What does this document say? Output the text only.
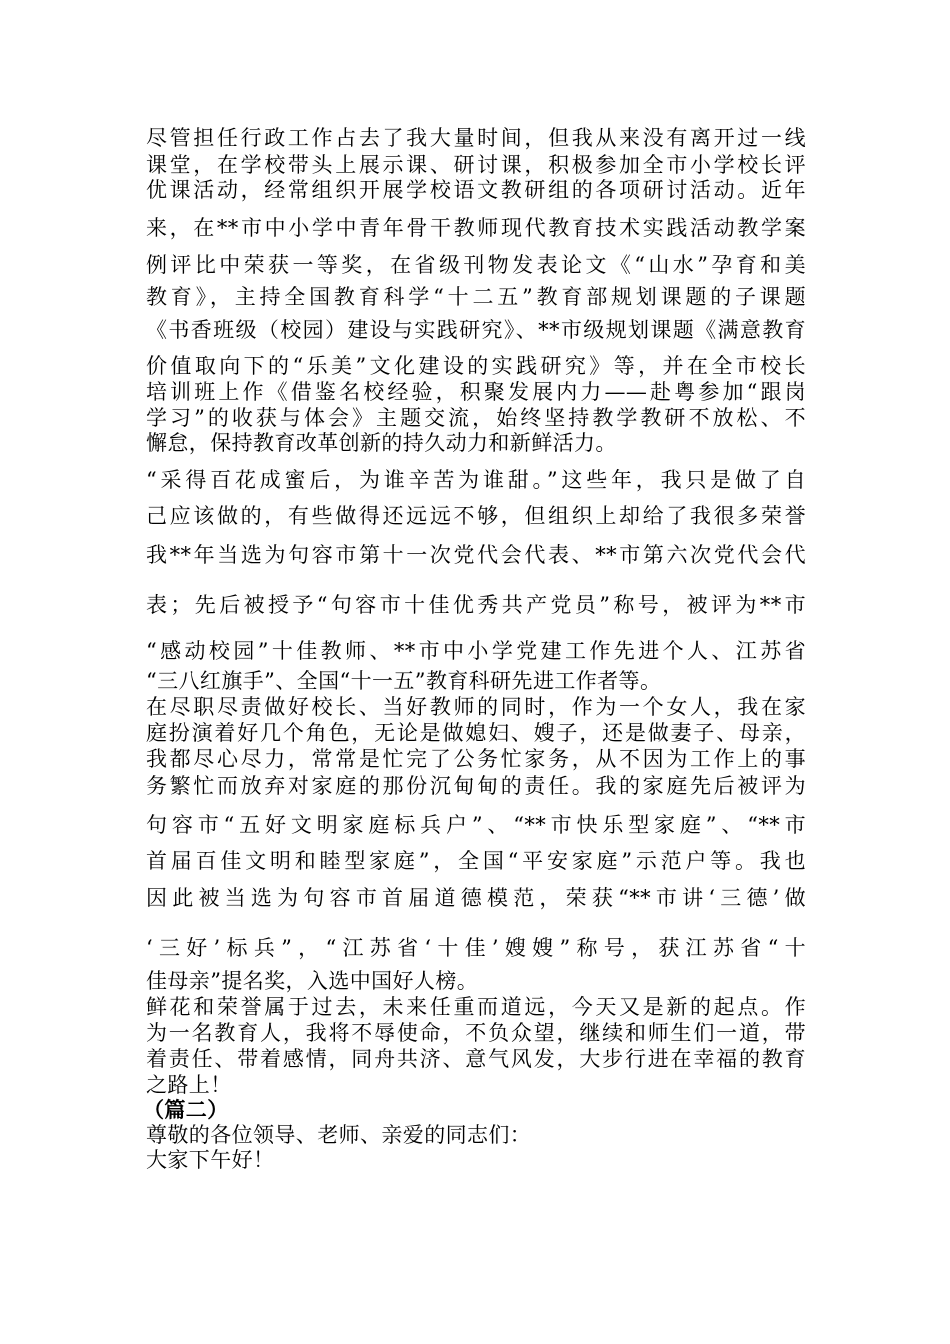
尽管担任行政工作占去了我大量时间，但我从来没有离开过一线
课堂，在学校带头上展示课、研讨课，积极参加全市小学校长评
优课活动，经常组织开展学校语文教研组的各项研讨活动。近年
来，在**市中小学中青年骨干教师现代教育技术实践活动教学案
例评比中荣获一等奖，在省级刊物发表论文《“山水”孕育和美
教育》，主持全国教育科学“十二五”教育部规划课题的子课题
《书香班级（校园）建设与实践研究》、**市级规划课题《满意教育
价值取向下的“乐美”文化建设的实践研究》等，并在全市校长
培训班上作《借鉴名校经验，积聚发展内力——赴粤参加“跟岗
学习”的收获与体会》主题交流，始终坚持教学教研不放松、不
懈怠，保持教育改革创新的持久动力和新鲜活力。
“采得百花成蜜后，为谁辛苦为谁甜。”这些年，我只是做了自
己应该做的，有些做得还远远不够，但组织上却给了我很多荣誉
我**年当选为句容市第十一次党代会代表、**市第六次党代会代
表；先后被授予“句容市十佳优秀共产党员”称号，被评为**市
“感动校园”十佳教师、**市中小学党建工作先进个人、江苏省
“三八红旗手”、全国“十一五”教育科研先进工作者等。
在尽职尽责做好校长、当好教师的同时，作为一个女人，我在家
庭扮演着好几个角色，无论是做媳妇、嫂子，还是做妻子、母亲，
我都尽心尽力，常常是忙完了公务忙家务，从不因为工作上的事
务繁忙而放弃对家庭的那份沉甸甸的责任。我的家庭先后被评为
句容市“五好文明家庭标兵户”、“**市快乐型家庭”、“**市
首届百佳文明和睦型家庭”，全国“平安家庭”示范户等。我也
因此被当选为句容市首届道德模范，荣获“**市讲‘三德’做
‘三好’标兵”，“江苏省‘十佳’嫂嫂”称号，获江苏省“十
佳母亲”提名奖，入选中国好人榜。
鲜花和荣誉属于过去，未来任重而道远，今天又是新的起点。作
为一名教育人，我将不辱使命，不负众望，继续和师生们一道，带
着责任、带着感情，同舟共济、意气风发，大步行进在幸福的教育
之路上！
（篇二）
尊敬的各位领导、老师、亲爱的同志们：
大家下午好！
